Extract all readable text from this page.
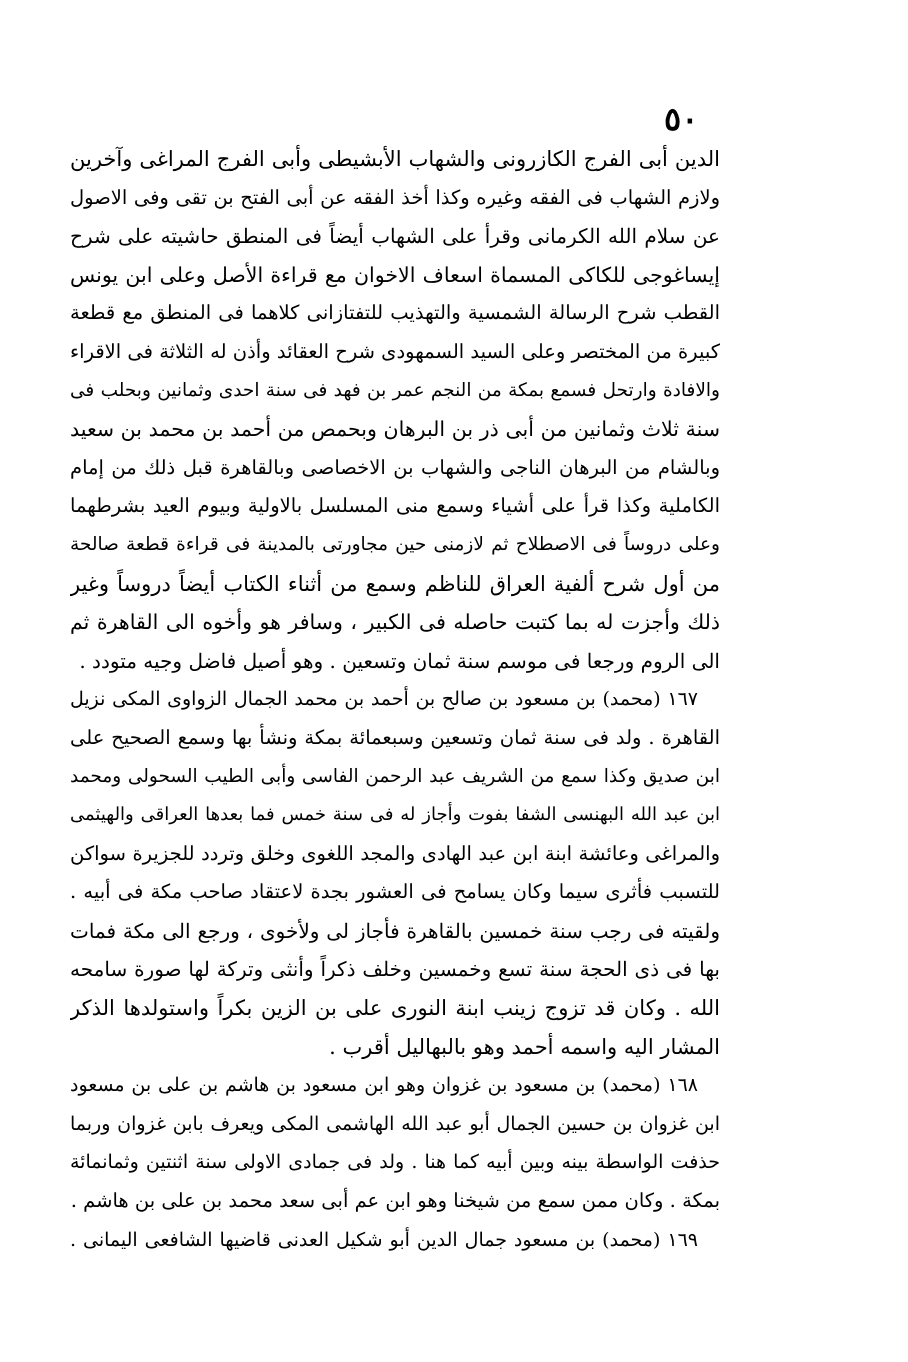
٥٠
الدين أبى الفرج الكازرونى والشهاب الأبشيطى وأبى الفرج المراغى وآخرين
ولازم الشهاب فى الفقه وغيره وكذا أخذ الفقه عن أبى الفتح بن تقى وفى الاصول
عن سلام الله الكرمانى وقرأ على الشهاب أيضاً فى المنطق حاشيته على شرح
إيساغوجى للكاكى المسماة اسعاف الاخوان مع قراءة الأصل وعلى ابن يونس
القطب شرح الرسالة الشمسية والتهذيب للتفتازانى كلاهما فى المنطق مع قطعة
كبيرة من المختصر وعلى السيد السمهودى شرح العقائد وأذن له الثلاثة فى الاقراء
والافادة وارتحل فسمع بمكة من النجم عمر بن فهد فى سنة احدى وثمانين وبحلب فى
سنة ثلاث وثمانين من أبى ذر بن البرهان وبحمص من أحمد بن محمد بن سعيد
وبالشام من البرهان الناجى والشهاب بن الاخصاصى وبالقاهرة قبل ذلك من إمام
الكاملية وكذا قرأ على أشياء وسمع منى المسلسل بالاولية وبيوم العيد بشرطهما
وعلى دروساً فى الاصطلاح ثم لازمنى حين مجاورتى بالمدينة فى قراءة قطعة صالحة
من أول شرح ألفية العراق للناظم وسمع من أثناء الكتاب أيضاً دروساً وغير
ذلك وأجزت له بما كتبت حاصله فى الكبير ، وسافر هو وأخوه الى القاهرة ثم
الى الروم ورجعا فى موسم سنة ثمان وتسعين . وهو أصيل فاضل وجيه متودد .
١٦٧ (محمد) بن مسعود بن صالح بن أحمد بن محمد الجمال الزواوى المكى نزيل
القاهرة . ولد فى سنة ثمان وتسعين وسبعمائة بمكة ونشأ بها وسمع الصحيح على
ابن صديق وكذا سمع من الشريف عبد الرحمن الفاسى وأبى الطيب السحولى ومحمد
ابن عبد الله البهنسى الشفا بفوت وأجاز له فى سنة خمس فما بعدها العراقى والهيثمى
والمراغى وعائشة ابنة ابن عبد الهادى والمجد اللغوى وخلق وتردد للجزيرة سواكن
للتسبب فأثرى سيما وكان يسامح فى العشور بجدة لاعتقاد صاحب مكة فى أبيه .
ولقيته فى رجب سنة خمسين بالقاهرة فأجاز لى ولأخوى ، ورجع الى مكة فمات
بها فى ذى الحجة سنة تسع وخمسين وخلف ذكراً وأنثى وتركة لها صورة سامحه
الله . وكان قد تزوج زينب ابنة النورى على بن الزين بكراً واستولدها الذكر
المشار اليه واسمه أحمد وهو بالبهاليل أقرب .
١٦٨ (محمد) بن مسعود بن غزوان وهو ابن مسعود بن هاشم بن على بن مسعود
ابن غزوان بن حسين الجمال أبو عبد الله الهاشمى المكى ويعرف بابن غزوان وربما
حذفت الواسطة بينه وبين أبيه كما هنا . ولد فى جمادى الاولى سنة اثنتين وثمانمائة
بمكة . وكان ممن سمع من شيخنا وهو ابن عم أبى سعد محمد بن على بن هاشم .
١٦٩ (محمد) بن مسعود جمال الدين أبو شكيل العدنى قاضيها الشافعى اليمانى .
